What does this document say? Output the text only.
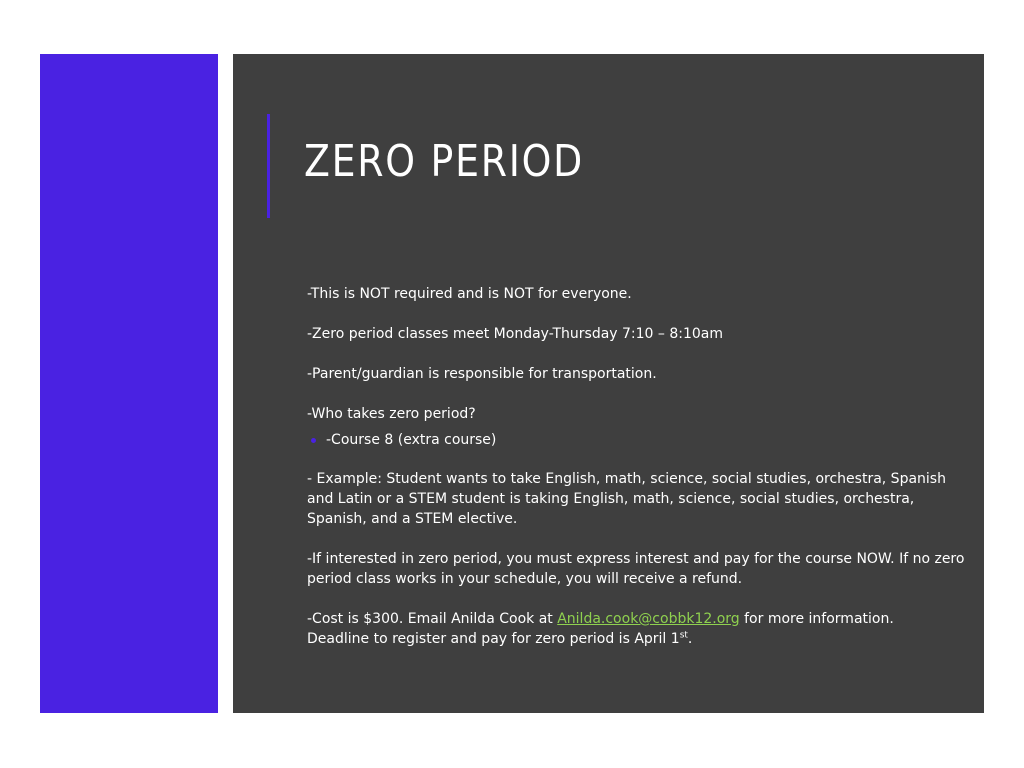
ZERO PERIOD

-This is NOT required and is NOT for everyone.

-Zero period classes meet Monday-Thursday 7:10 – 8:10am

-Parent/guardian is responsible for transportation.

-Who takes zero period?

-Course 8 (extra course)

- Example: Student wants to take English, math, science, social studies, orchestra, Spanish and Latin or a STEM student is taking English, math, science, social studies, orchestra, Spanish, and a STEM elective.

-If interested in zero period, you must express interest and pay for the course NOW. If no zero period class works in your schedule, you will receive a refund.

-Cost is $300. Email Anilda Cook at Anilda.cook@cobbk12.org for more information.

Deadline to register and pay for zero period is April 1st.
